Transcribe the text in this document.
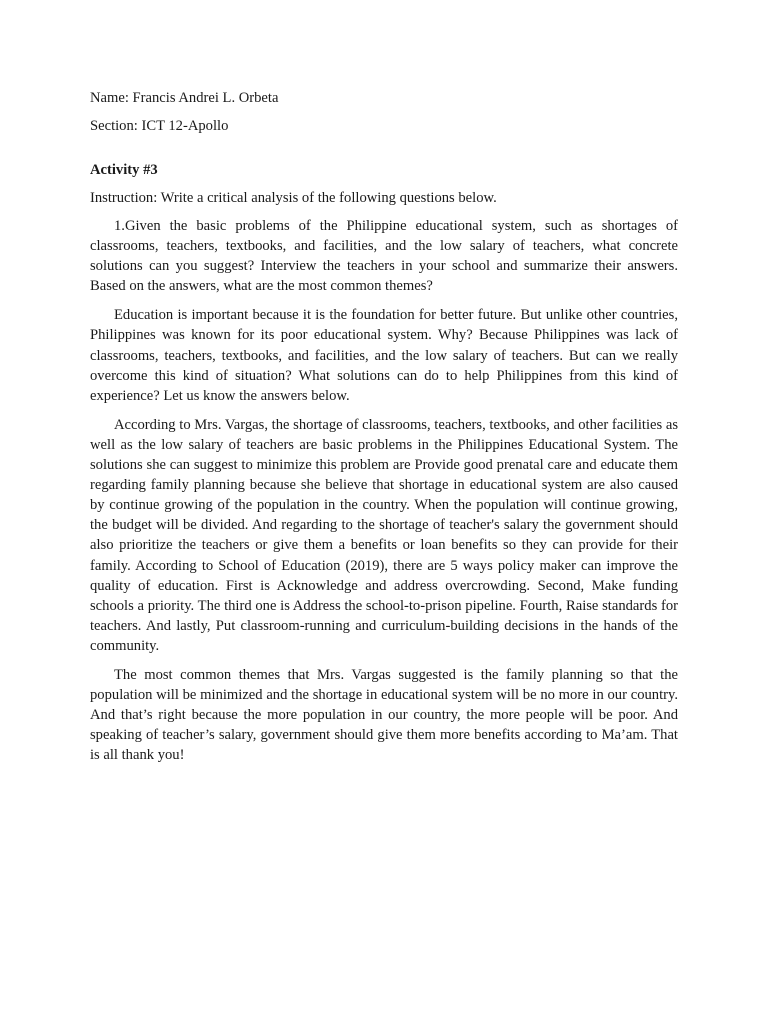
Name: Francis Andrei L. Orbeta

Section: ICT 12-Apollo

Activity #3

Instruction: Write a critical analysis of the following questions below.

1.Given the basic problems of the Philippine educational system, such as shortages of classrooms, teachers, textbooks, and facilities, and the low salary of teachers, what concrete solutions can you suggest? Interview the teachers in your school and summarize their answers. Based on the answers, what are the most common themes?

Education is important because it is the foundation for better future. But unlike other countries, Philippines was known for its poor educational system. Why? Because Philippines was lack of classrooms, teachers, textbooks, and facilities, and the low salary of teachers. But can we really overcome this kind of situation? What solutions can do to help Philippines from this kind of experience? Let us know the answers below.

According to Mrs. Vargas, the shortage of classrooms, teachers, textbooks, and other facilities as well as the low salary of teachers are basic problems in the Philippines Educational System. The solutions she can suggest to minimize this problem are Provide good prenatal care and educate them regarding family planning because she believe that shortage in educational system are also caused by continue growing of the population in the country. When the population will continue growing, the budget will be divided. And regarding to the shortage of teacher's salary the government should also prioritize the teachers or give them a benefits or loan benefits so they can provide for their family. According to School of Education (2019), there are 5 ways policy maker can improve the quality of education. First is Acknowledge and address overcrowding. Second, Make funding schools a priority. The third one is Address the school-to-prison pipeline. Fourth, Raise standards for teachers. And lastly, Put classroom-running and curriculum-building decisions in the hands of the community.

The most common themes that Mrs. Vargas suggested is the family planning so that the population will be minimized and the shortage in educational system will be no more in our country. And that’s right because the more population in our country, the more people will be poor. And speaking of teacher’s salary, government should give them more benefits according to Ma’am. That is all thank you!
